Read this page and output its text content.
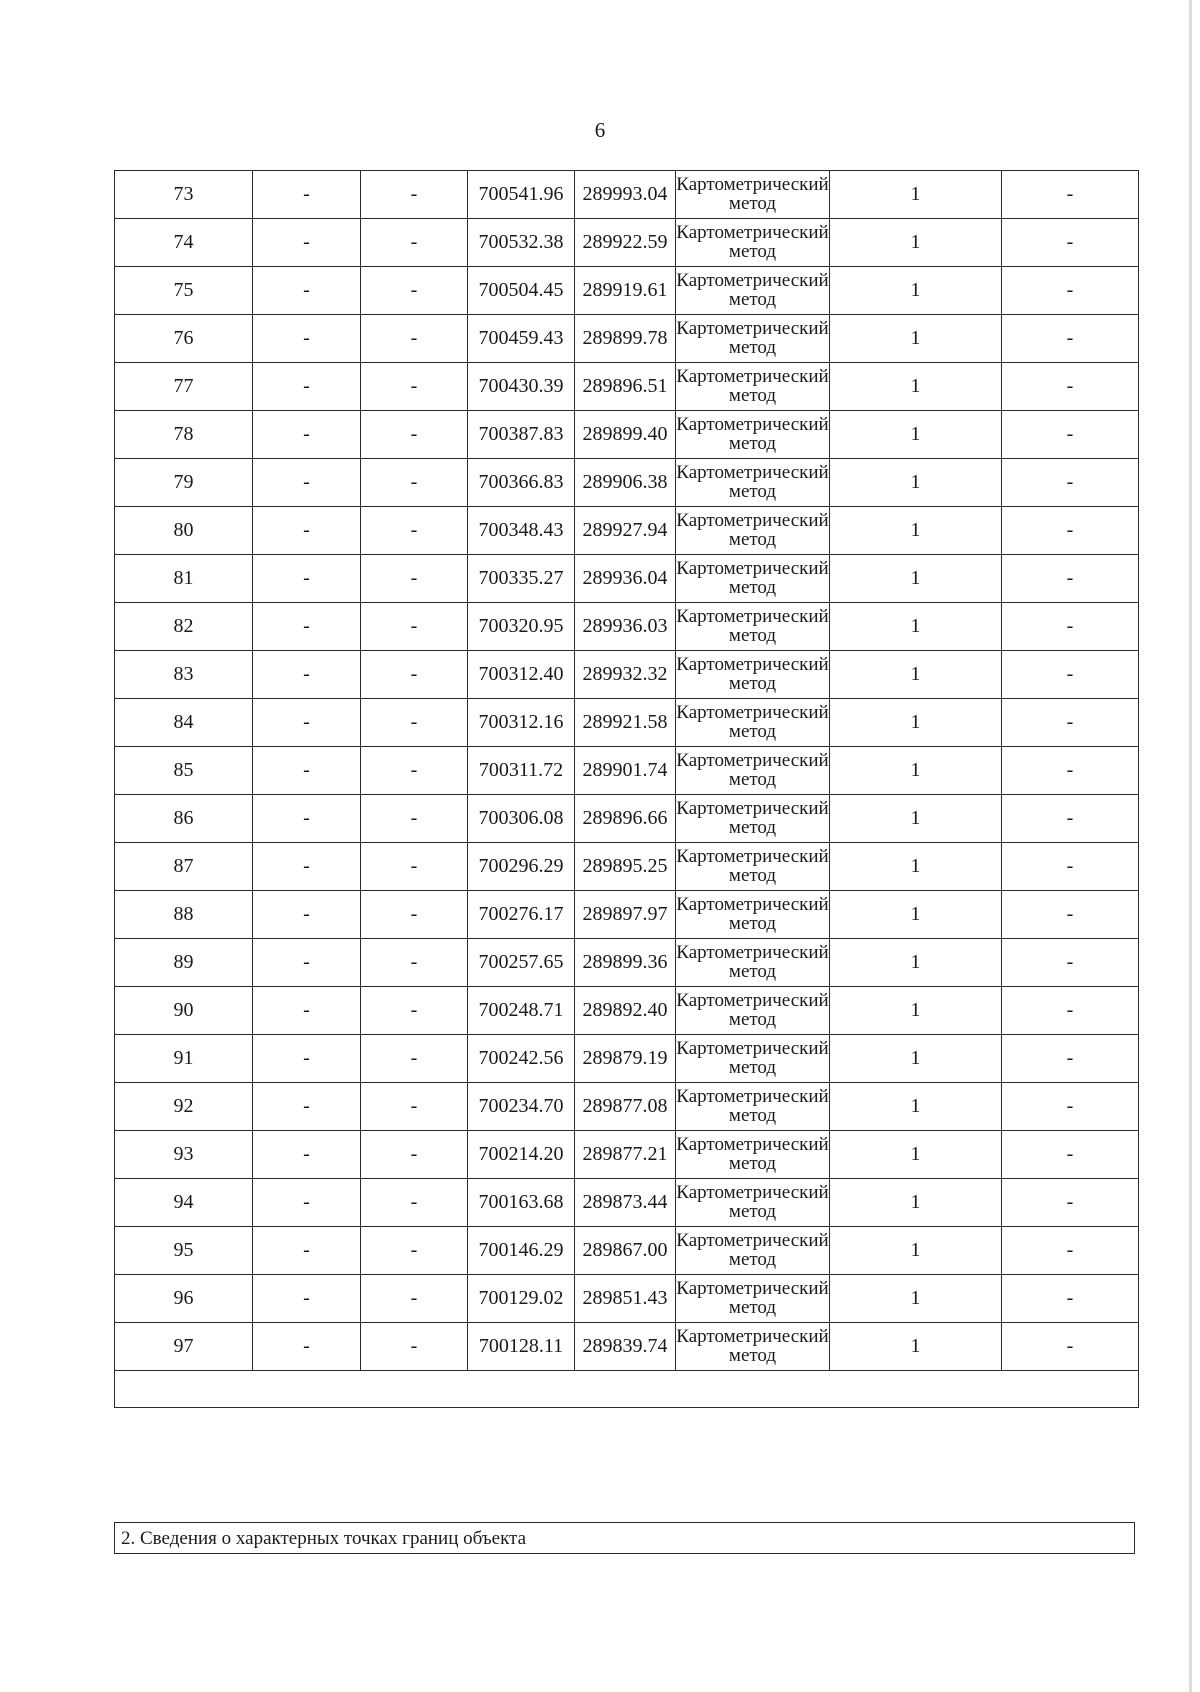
6
73	-	-	700541.96	289993.04	Картометрический метод	1	-
74	-	-	700532.38	289922.59	Картометрический метод	1	-
75	-	-	700504.45	289919.61	Картометрический метод	1	-
76	-	-	700459.43	289899.78	Картометрический метод	1	-
77	-	-	700430.39	289896.51	Картометрический метод	1	-
78	-	-	700387.83	289899.40	Картометрический метод	1	-
79	-	-	700366.83	289906.38	Картометрический метод	1	-
80	-	-	700348.43	289927.94	Картометрический метод	1	-
81	-	-	700335.27	289936.04	Картометрический метод	1	-
82	-	-	700320.95	289936.03	Картометрический метод	1	-
83	-	-	700312.40	289932.32	Картометрический метод	1	-
84	-	-	700312.16	289921.58	Картометрический метод	1	-
85	-	-	700311.72	289901.74	Картометрический метод	1	-
86	-	-	700306.08	289896.66	Картометрический метод	1	-
87	-	-	700296.29	289895.25	Картометрический метод	1	-
88	-	-	700276.17	289897.97	Картометрический метод	1	-
89	-	-	700257.65	289899.36	Картометрический метод	1	-
90	-	-	700248.71	289892.40	Картометрический метод	1	-
91	-	-	700242.56	289879.19	Картометрический метод	1	-
92	-	-	700234.70	289877.08	Картометрический метод	1	-
93	-	-	700214.20	289877.21	Картометрический метод	1	-
94	-	-	700163.68	289873.44	Картометрический метод	1	-
95	-	-	700146.29	289867.00	Картометрический метод	1	-
96	-	-	700129.02	289851.43	Картометрический метод	1	-
97	-	-	700128.11	289839.74	Картометрический метод	1	-

2. Сведения о характерных точках границ объекта
